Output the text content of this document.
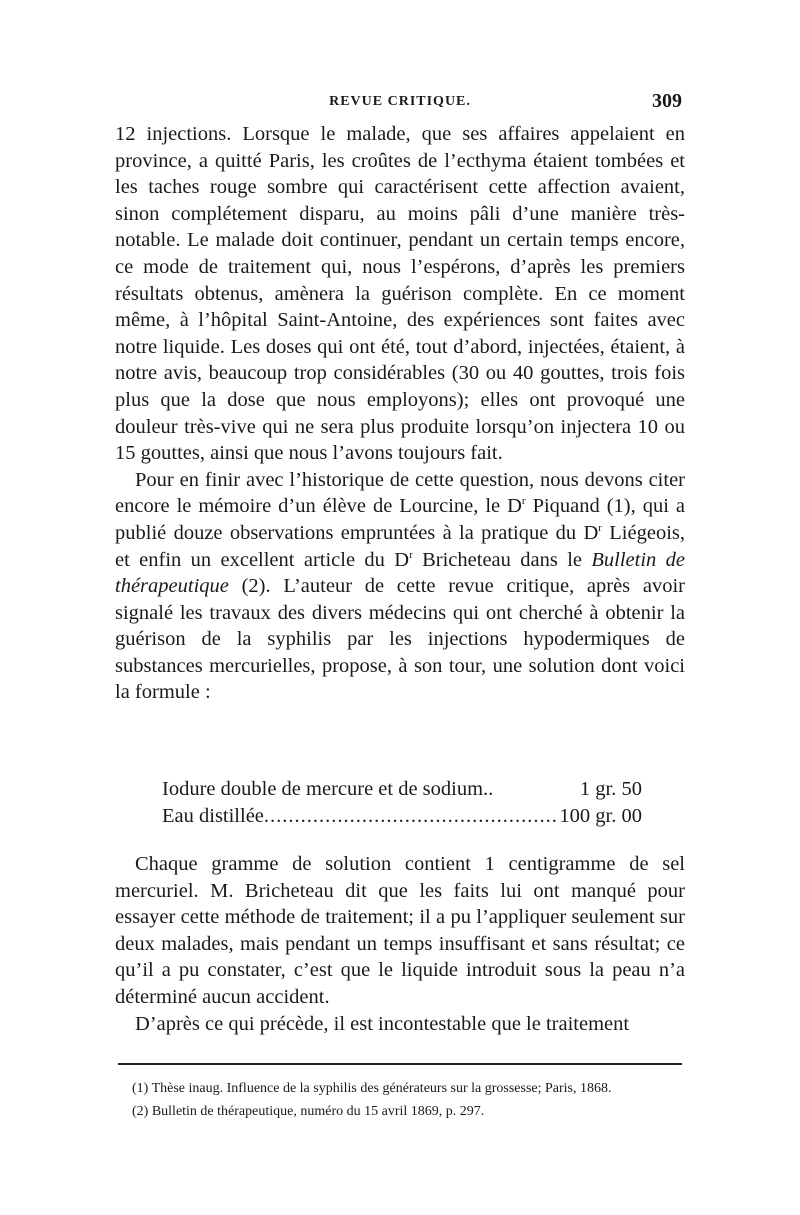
REVUE CRITIQUE.	309

12 injections. Lorsque le malade, que ses affaires appelaient en province, a quitté Paris, les croûtes de l’ecthyma étaient tombées et les taches rouge sombre qui caractérisent cette affection avaient, sinon complétement disparu, au moins pâli d’une manière très-notable. Le malade doit continuer, pendant un certain temps encore, ce mode de traitement qui, nous l’espérons, d’après les premiers résultats obtenus, amènera la guérison complète. En ce moment même, à l’hôpital Saint-Antoine, des expériences sont faites avec notre liquide. Les doses qui ont été, tout d’abord, injectées, étaient, à notre avis, beaucoup trop considérables (30 ou 40 gouttes, trois fois plus que la dose que nous employons); elles ont provoqué une douleur très-vive qui ne sera plus produite lorsqu’on injectera 10 ou 15 gouttes, ainsi que nous l’avons toujours fait.

Pour en finir avec l’historique de cette question, nous devons citer encore le mémoire d’un élève de Lourcine, le $D^r$ Piquand (1), qui a publié douze observations empruntées à la pratique du $D^r$ Liégeois, et enfin un excellent article du $D^r$ Bricheteau dans le Bulletin de thérapeutique (2). L’auteur de cette revue critique, après avoir signalé les travaux des divers médecins qui ont cherché à obtenir la guérison de la syphilis par les injections hypodermiques de substances mercurielles, propose, à son tour, une solution dont voici la formule :

Iodure double de mercure et de sodium..	1 gr. 50
Eau distillée
.....	100 gr. 00

Chaque gramme de solution contient 1 centigramme de sel mercuriel. M. Bricheteau dit que les faits lui ont manqué pour essayer cette méthode de traitement; il a pu l’appliquer seulement sur deux malades, mais pendant un temps insuffisant et sans résultat; ce qu’il a pu constater, c’est que le liquide introduit sous la peau n’a déterminé aucun accident.

D’après ce qui précède, il est incontestable que le traitement

(1) Thèse inaug. Influence de la syphilis des générateurs sur la grossesse; Paris, 1868.

(2) Bulletin de thérapeutique, numéro du 15 avril 1869, p. 297.
